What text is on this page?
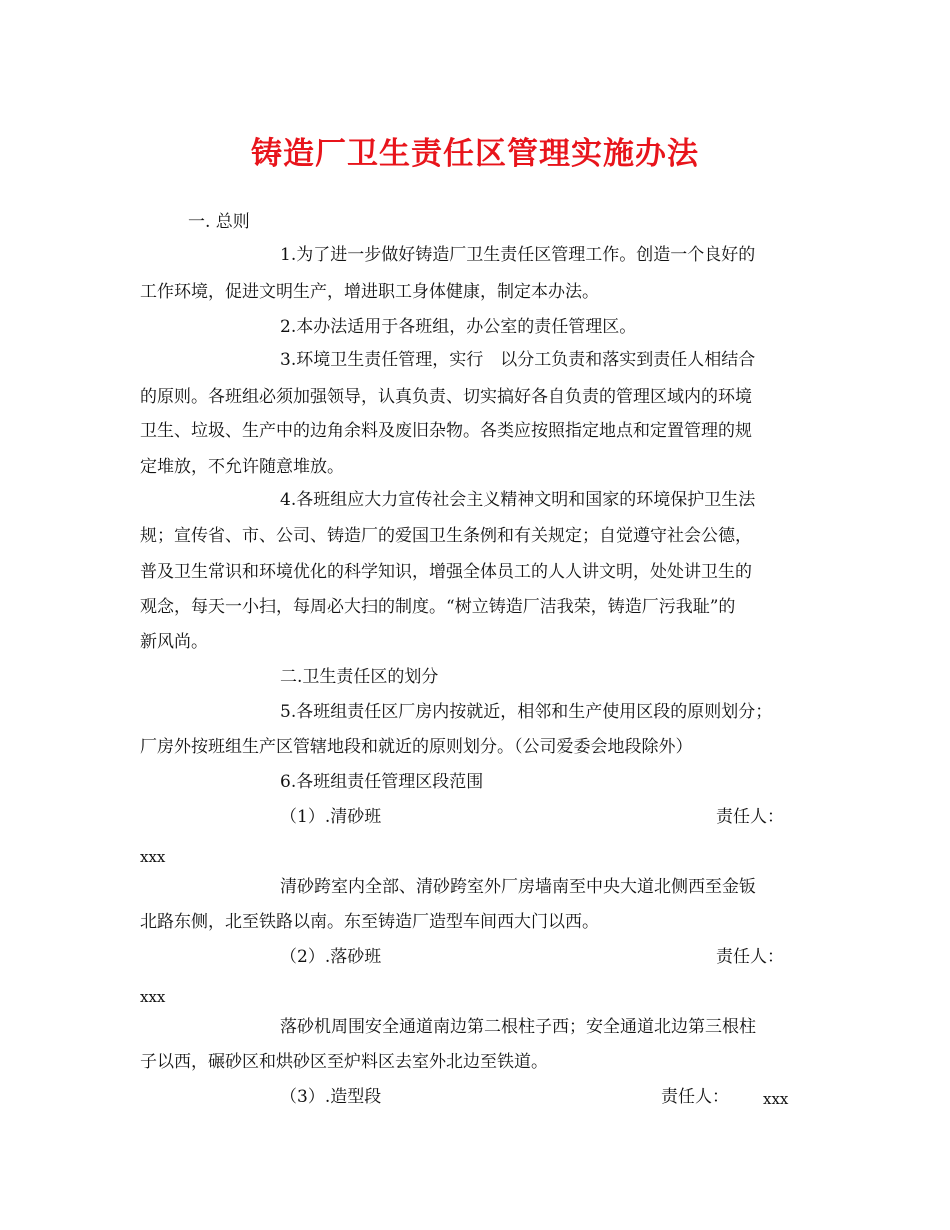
铸造厂卫生责任区管理实施办法
一. 总则
1.为了进一步做好铸造厂卫生责任区管理工作。创造一个良好的
工作环境，促进文明生产，增进职工身体健康，制定本办法。
2.本办法适用于各班组，办公室的责任管理区。
3.环境卫生责任管理，实行　以分工负责和落实到责任人相结合
的原则。各班组必须加强领导，认真负责、切实搞好各自负责的管理区域内的环境
卫生、垃圾、生产中的边角余料及废旧杂物。各类应按照指定地点和定置管理的规
定堆放，不允许随意堆放。
4.各班组应大力宣传社会主义精神文明和国家的环境保护卫生法
规；宣传省、市、公司、铸造厂的爱国卫生条例和有关规定；自觉遵守社会公德，
普及卫生常识和环境优化的科学知识，增强全体员工的人人讲文明，处处讲卫生的
观念，每天一小扫，每周必大扫的制度。“树立铸造厂洁我荣，铸造厂污我耻”的
新风尚。
二.卫生责任区的划分
5.各班组责任区厂房内按就近，相邻和生产使用区段的原则划分；
厂房外按班组生产区管辖地段和就近的原则划分。（公司爱委会地段除外）
6.各班组责任管理区段范围
（1）.清砂班	责任人：
xxx
清砂跨室内全部、清砂跨室外厂房墙南至中央大道北侧西至金钣
北路东侧，北至铁路以南。东至铸造厂造型车间西大门以西。
（2）.落砂班	责任人：
xxx
落砂机周围安全通道南边第二根柱子西；安全通道北边第三根柱
子以西，碾砂区和烘砂区至炉料区去室外北边至铁道。
（3）.造型段	责任人： xxx
